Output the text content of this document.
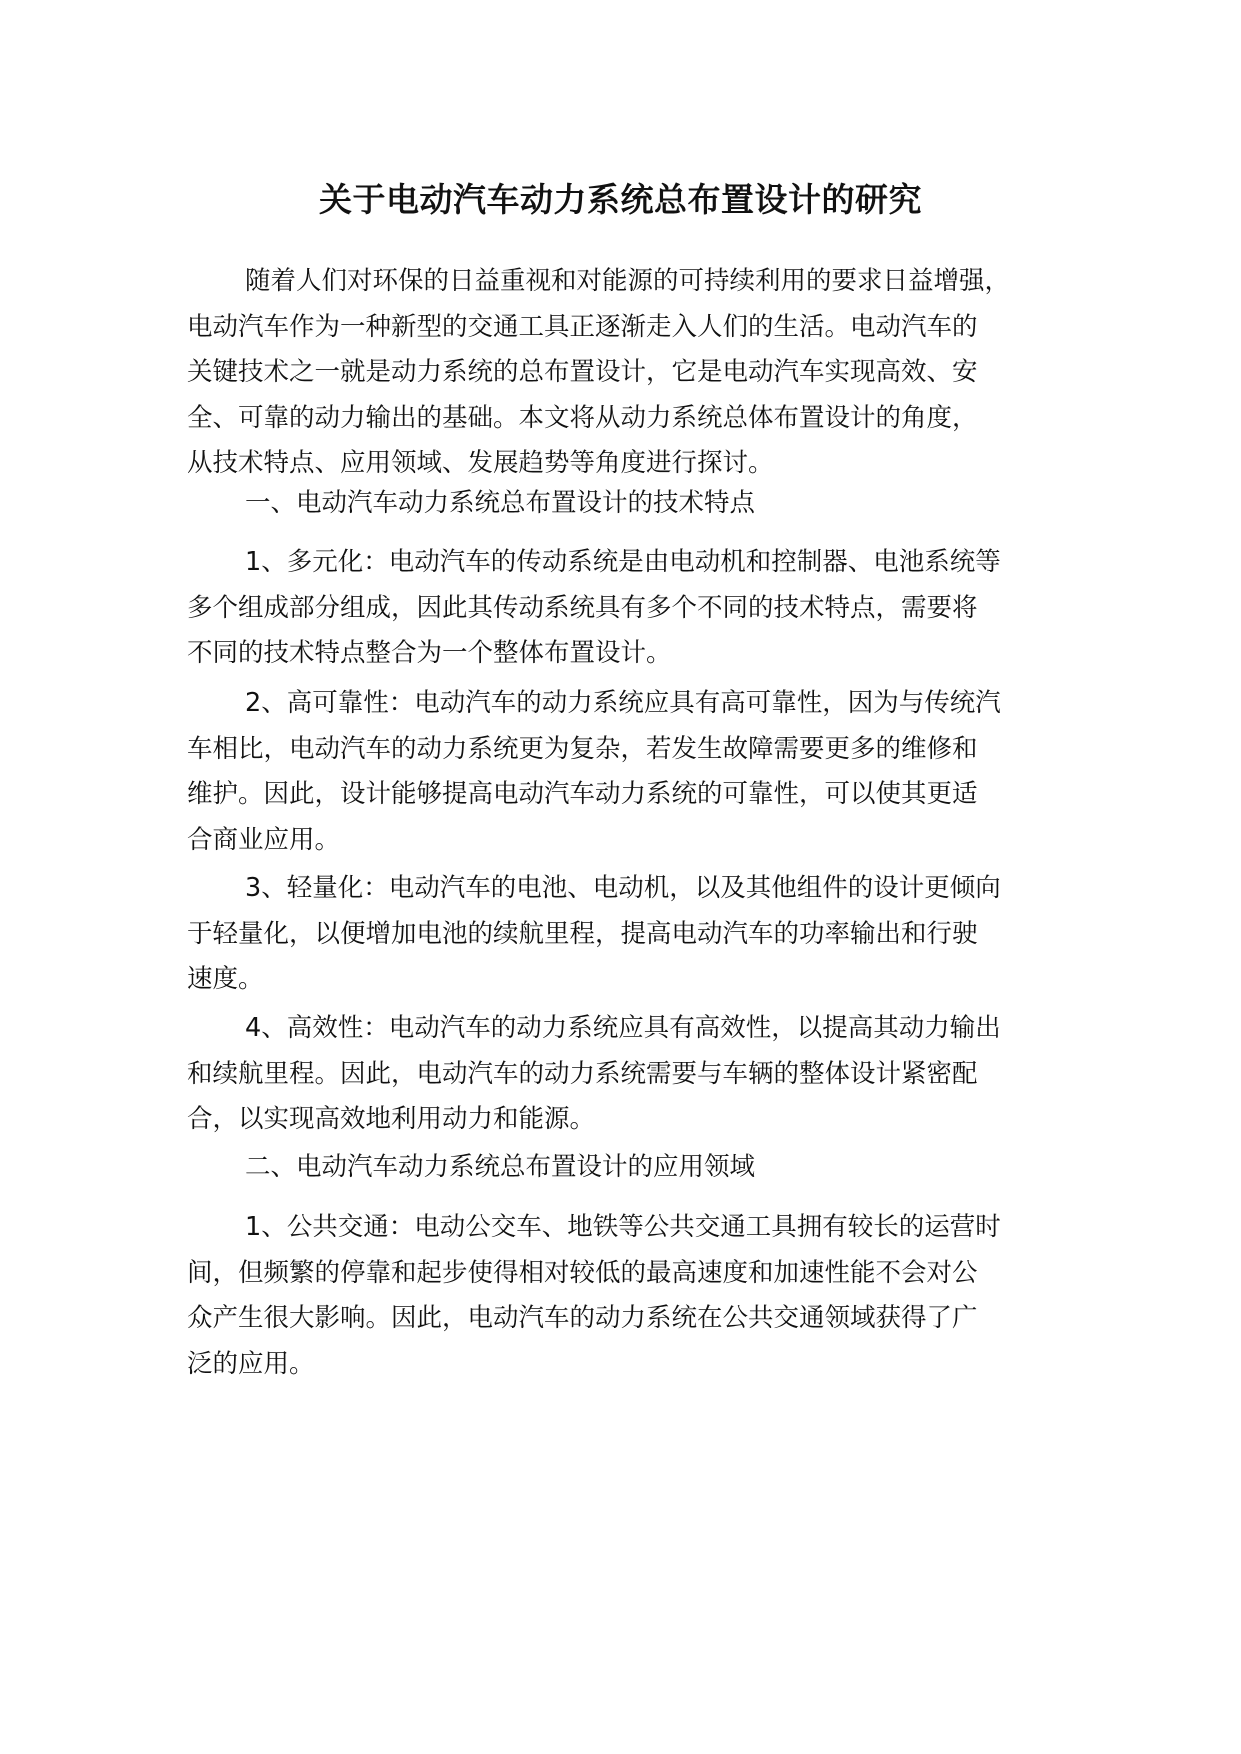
关于电动汽车动力系统总布置设计的研究

随着人们对环保的日益重视和对能源的可持续利用的要求日益增强，
电动汽车作为一种新型的交通工具正逐渐走入人们的生活。电动汽车的
关键技术之一就是动力系统的总布置设计，它是电动汽车实现高效、安
全、可靠的动力输出的基础。本文将从动力系统总体布置设计的角度，
从技术特点、应用领域、发展趋势等角度进行探讨。

一、电动汽车动力系统总布置设计的技术特点

1、多元化：电动汽车的传动系统是由电动机和控制器、电池系统等
多个组成部分组成，因此其传动系统具有多个不同的技术特点，需要将
不同的技术特点整合为一个整体布置设计。

2、高可靠性：电动汽车的动力系统应具有高可靠性，因为与传统汽
车相比，电动汽车的动力系统更为复杂，若发生故障需要更多的维修和
维护。因此，设计能够提高电动汽车动力系统的可靠性，可以使其更适
合商业应用。

3、轻量化：电动汽车的电池、电动机，以及其他组件的设计更倾向
于轻量化，以便增加电池的续航里程，提高电动汽车的功率输出和行驶
速度。

4、高效性：电动汽车的动力系统应具有高效性，以提高其动力输出
和续航里程。因此，电动汽车的动力系统需要与车辆的整体设计紧密配
合，以实现高效地利用动力和能源。

二、电动汽车动力系统总布置设计的应用领域

1、公共交通：电动公交车、地铁等公共交通工具拥有较长的运营时
间，但频繁的停靠和起步使得相对较低的最高速度和加速性能不会对公
众产生很大影响。因此，电动汽车的动力系统在公共交通领域获得了广
泛的应用。
